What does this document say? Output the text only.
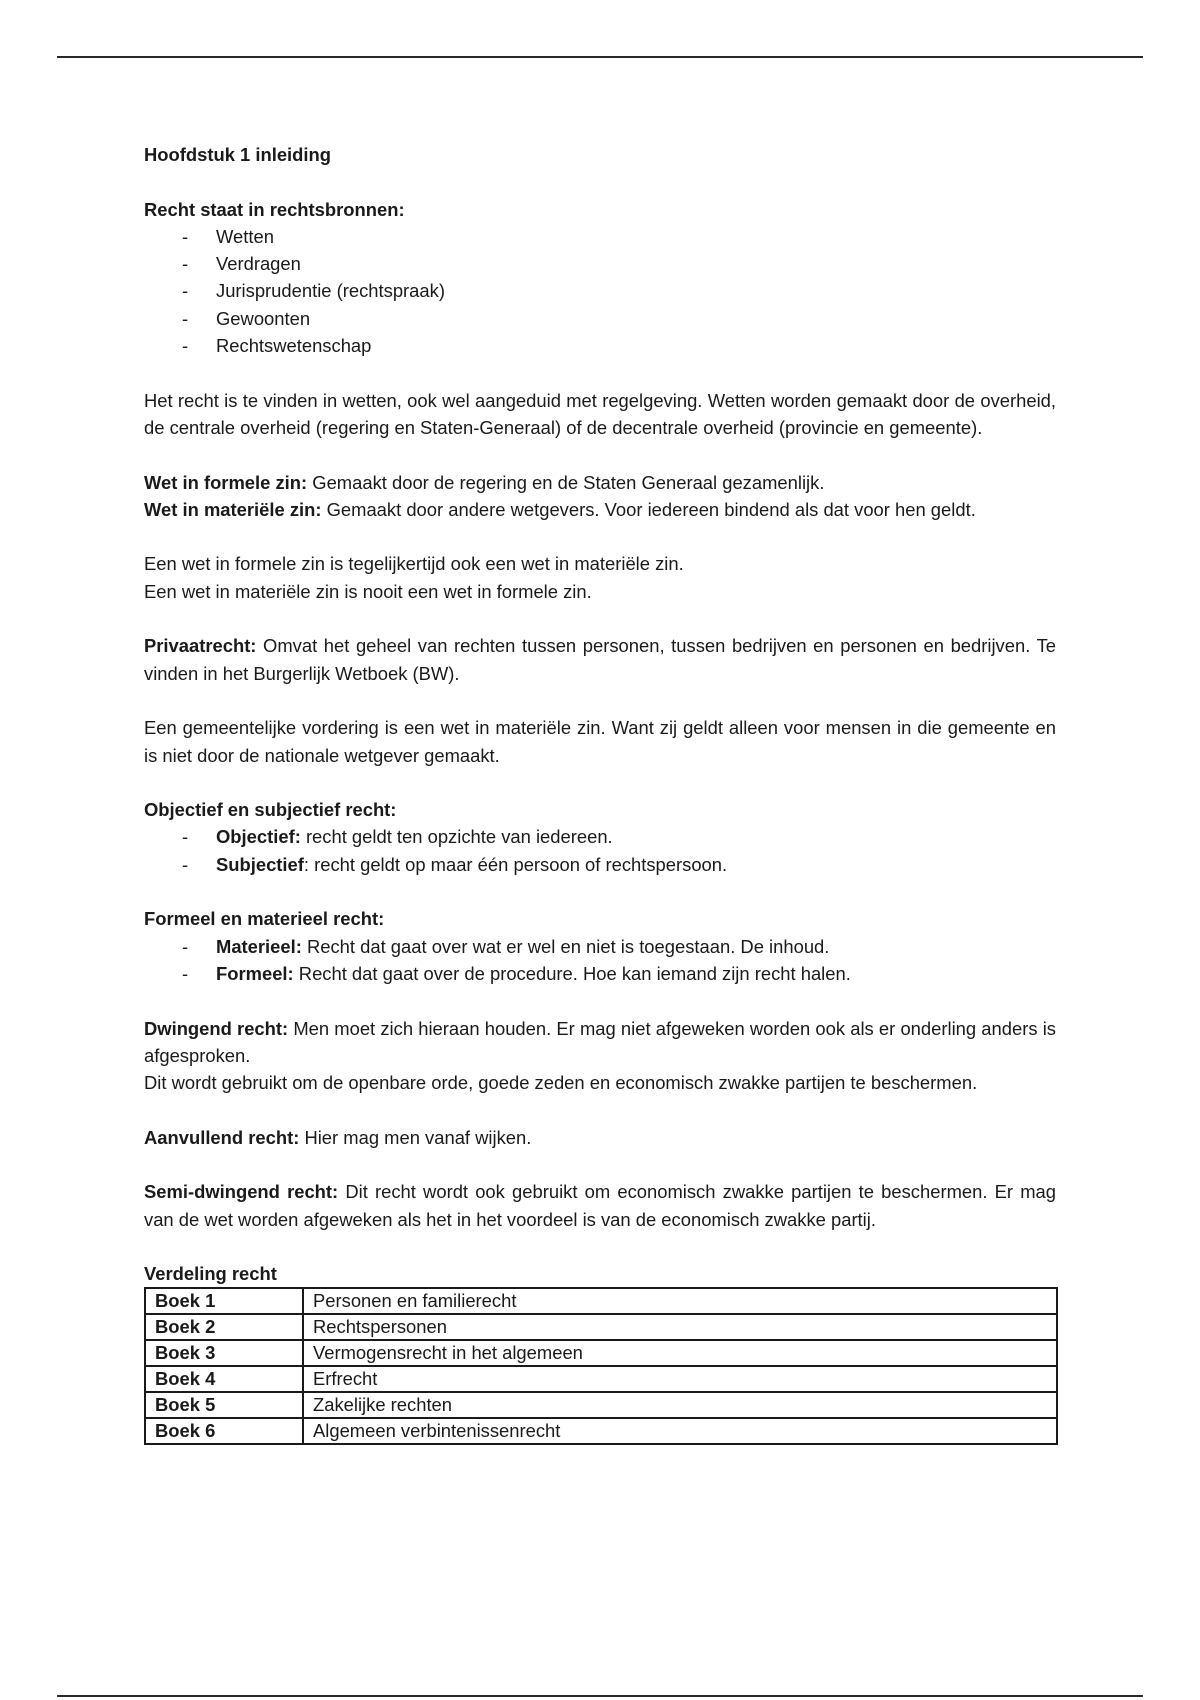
Hoofdstuk 1 inleiding

Recht staat in rechtsbronnen:

- Wetten
- Verdragen
- Jurisprudentie (rechtspraak)
- Gewoonten
- Rechtswetenschap

Het recht is te vinden in wetten, ook wel aangeduid met regelgeving. Wetten worden gemaakt door de overheid, de centrale overheid (regering en Staten-Generaal) of de decentrale overheid (provincie en gemeente).

Wet in formele zin: Gemaakt door de regering en de Staten Generaal gezamenlijk.

Wet in materiële zin: Gemaakt door andere wetgevers. Voor iedereen bindend als dat voor hen geldt.

Een wet in formele zin is tegelijkertijd ook een wet in materiële zin.

Een wet in materiële zin is nooit een wet in formele zin.

Privaatrecht: Omvat het geheel van rechten tussen personen, tussen bedrijven en personen en bedrijven. Te vinden in het Burgerlijk Wetboek (BW).

Een gemeentelijke vordering is een wet in materiële zin. Want zij geldt alleen voor mensen in die gemeente en is niet door de nationale wetgever gemaakt.

Objectief en subjectief recht:

- Objectief: recht geldt ten opzichte van iedereen.
- Subjectief: recht geldt op maar één persoon of rechtspersoon.

Formeel en materieel recht:

- Materieel: Recht dat gaat over wat er wel en niet is toegestaan. De inhoud.
- Formeel: Recht dat gaat over de procedure. Hoe kan iemand zijn recht halen.

Dwingend recht: Men moet zich hieraan houden. Er mag niet afgeweken worden ook als er onderling anders is afgesproken.

Dit wordt gebruikt om de openbare orde, goede zeden en economisch zwakke partijen te beschermen.

Aanvullend recht: Hier mag men vanaf wijken.

Semi-dwingend recht: Dit recht wordt ook gebruikt om economisch zwakke partijen te beschermen. Er mag van de wet worden afgeweken als het in het voordeel is van de economisch zwakke partij.

Verdeling recht

Boek 1	Personen en familierecht
Boek 2	Rechtspersonen
Boek 3	Vermogensrecht in het algemeen
Boek 4	Erfrecht
Boek 5	Zakelijke rechten
Boek 6	Algemeen verbintenissenrecht
